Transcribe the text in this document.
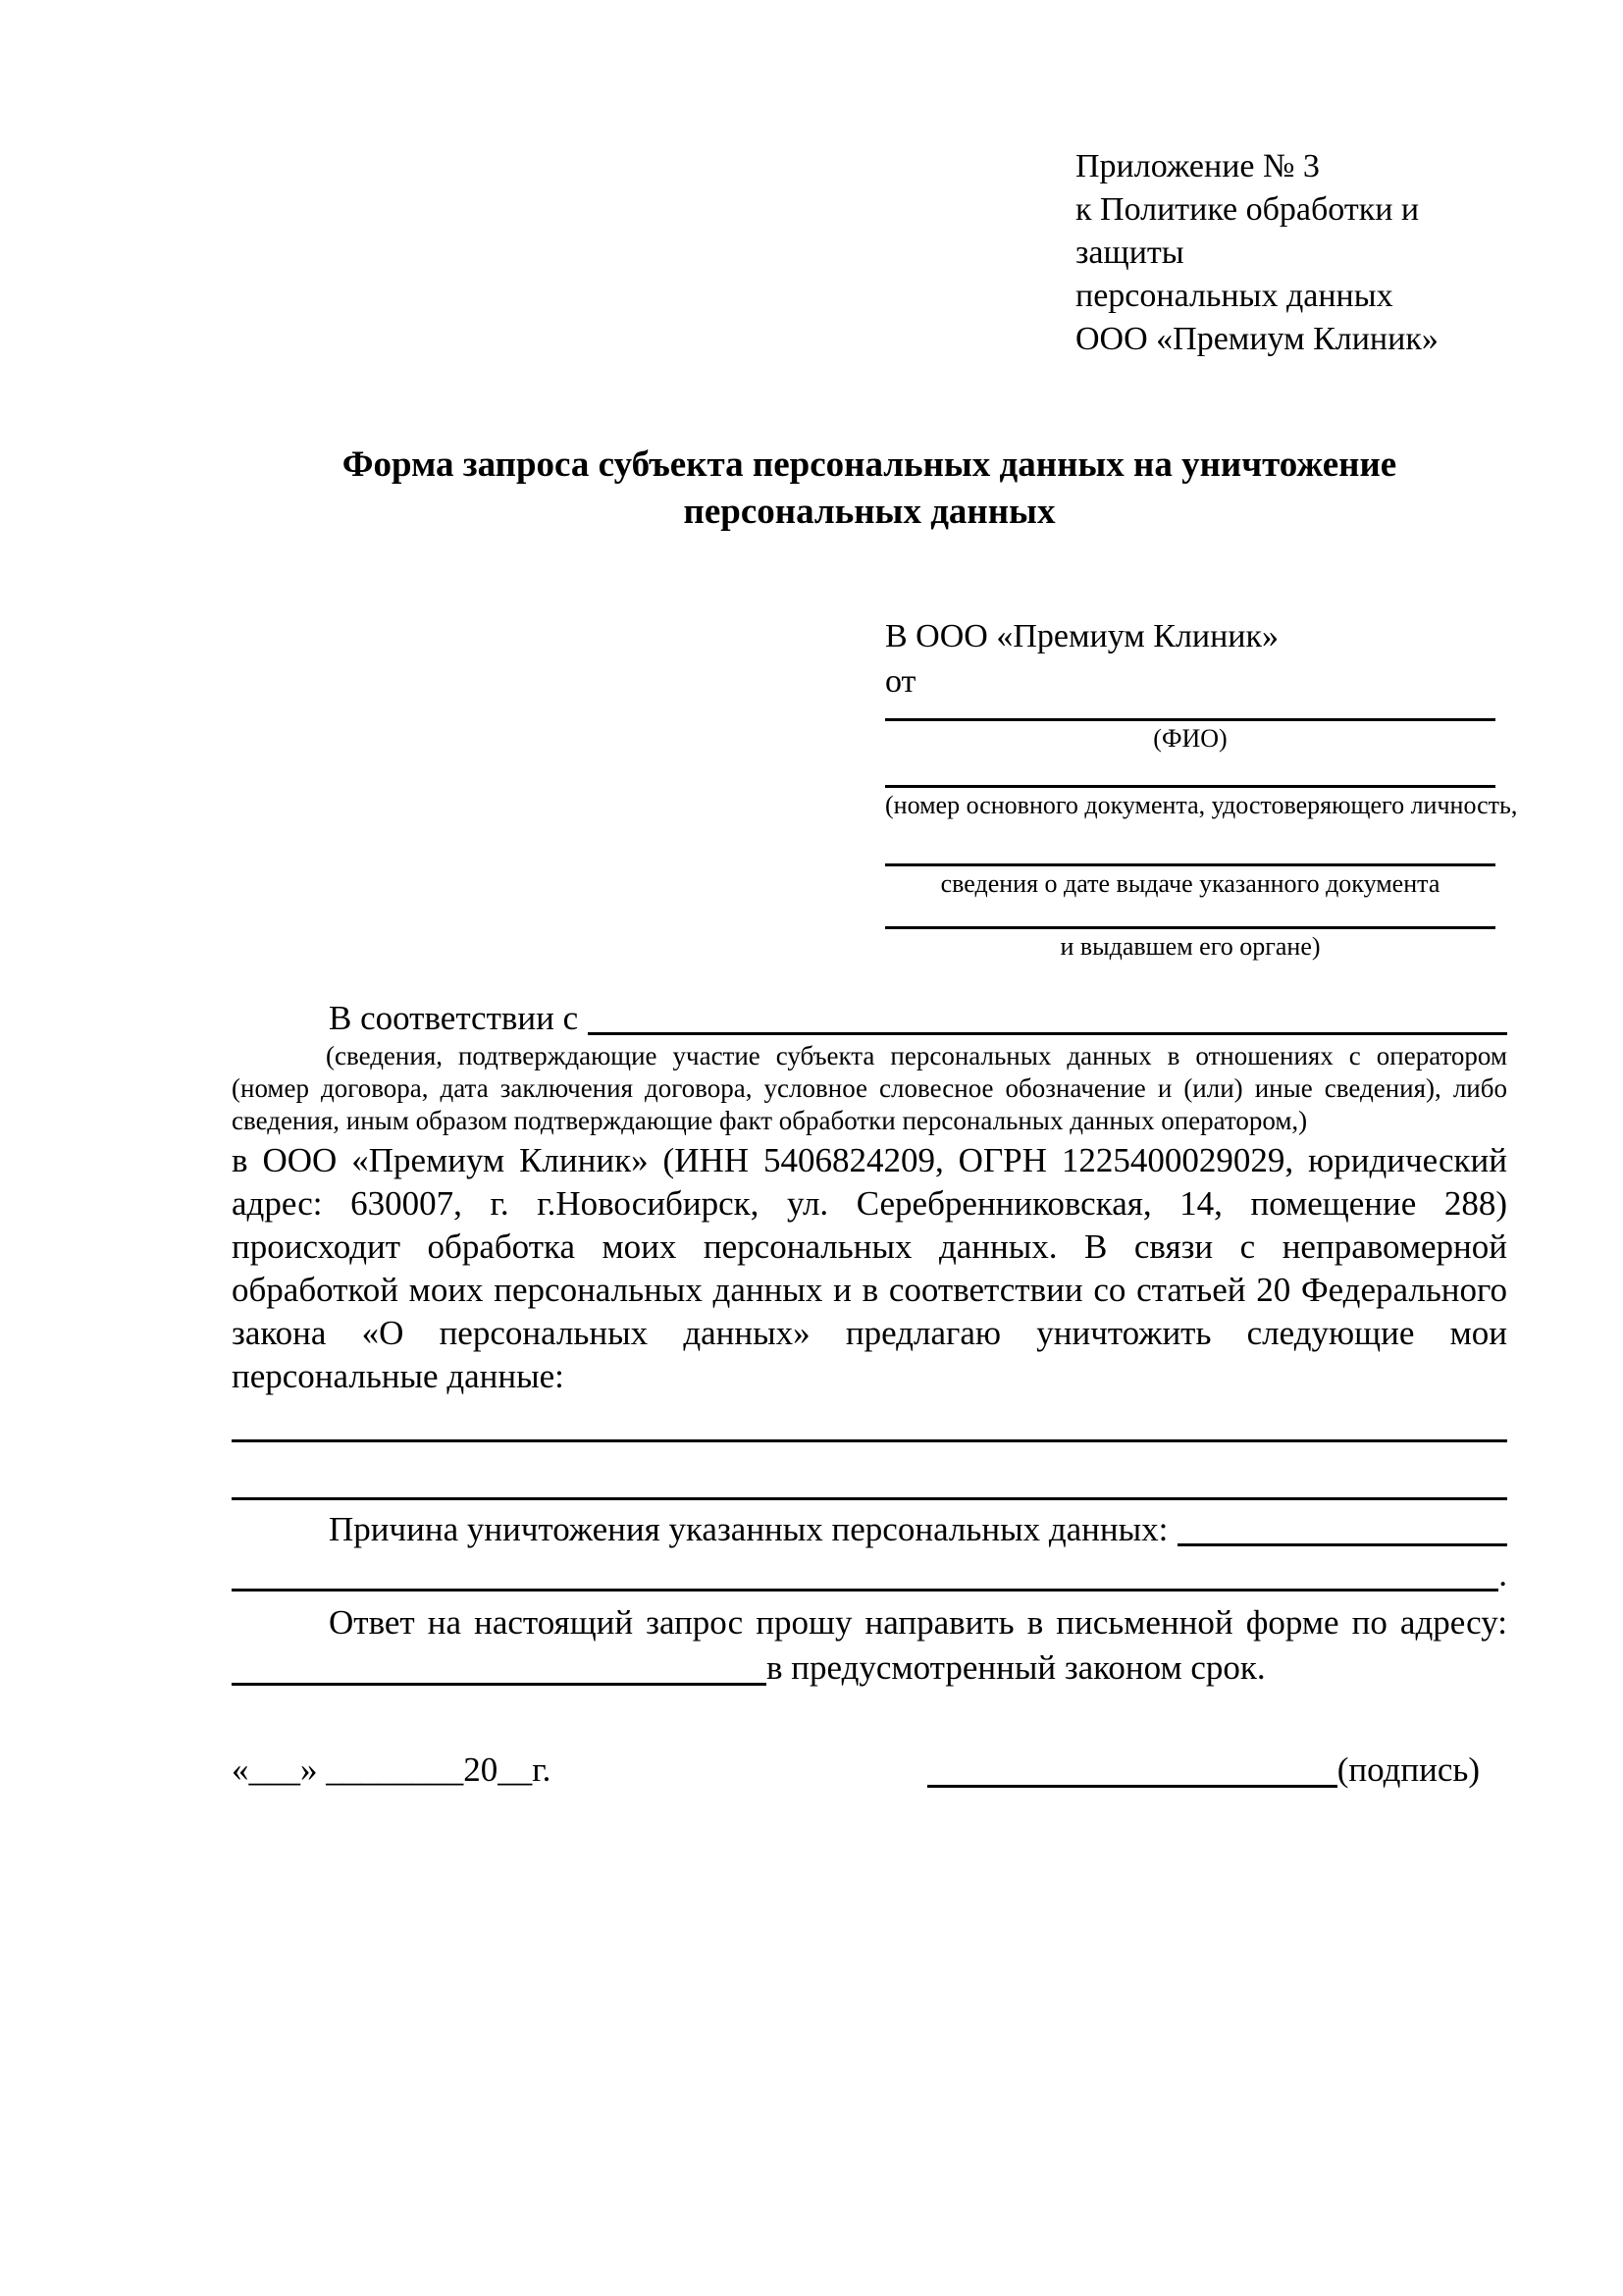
Приложение № 3
к Политике обработки и защиты
персональных данных
ООО «Премиум Клиник»
Форма запроса субъекта персональных данных на уничтожение персональных данных
В ООО «Премиум Клиник»
от
(ФИО)
(номер основного документа, удостоверяющего личность,
сведения о дате выдаче указанного документа
и выдавшем его органе)
В соответствии с
(сведения, подтверждающие участие субъекта персональных данных в отношениях с оператором (номер договора, дата заключения договора, условное словесное обозначение и (или) иные сведения), либо сведения, иным образом подтверждающие факт обработки персональных данных оператором,)

в ООО «Премиум Клиник» (ИНН 5406824209, ОГРН 1225400029029, юридический адрес: 630007, г. г.Новосибирск, ул. Серебренниковская, 14, помещение 288) происходит обработка моих персональных данных. В связи с неправомерной обработкой моих персональных данных и в соответствии со статьей 20 Федерального закона «О персональных данных» предлагаю уничтожить следующие мои персональные данные:

Причина уничтожения указанных персональных данных:
.

Ответ на настоящий запрос прошу направить в письменной форме по адресу:

в предусмотренный законом срок.
«___» ________20__г.	(подпись)
